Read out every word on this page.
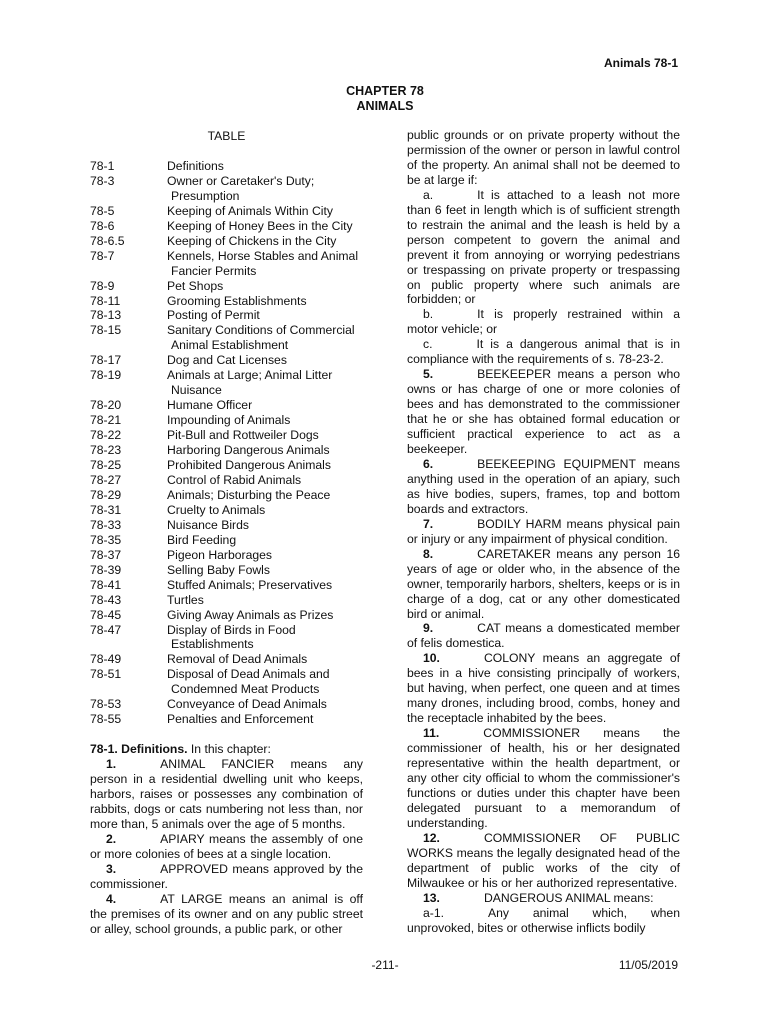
Animals 78-1
CHAPTER 78
ANIMALS
TABLE
78-1	Definitions
78-3	Owner or Caretaker's Duty;
Presumption
78-5	Keeping of Animals Within City
78-6	Keeping of Honey Bees in the City
78-6.5	Keeping of Chickens in the City
78-7	Kennels, Horse Stables and Animal
Fancier Permits
78-9	Pet Shops
78-11	Grooming Establishments
78-13	Posting of Permit
78-15	Sanitary Conditions of Commercial
Animal Establishment
78-17	Dog and Cat Licenses
78-19	Animals at Large; Animal Litter
Nuisance
78-20	Humane Officer
78-21	Impounding of Animals
78-22	Pit-Bull and Rottweiler Dogs
78-23	Harboring Dangerous Animals
78-25	Prohibited Dangerous Animals
78-27	Control of Rabid Animals
78-29	Animals; Disturbing the Peace
78-31	Cruelty to Animals
78-33	Nuisance Birds
78-35	Bird Feeding
78-37	Pigeon Harborages
78-39	Selling Baby Fowls
78-41	Stuffed Animals; Preservatives
78-43	Turtles
78-45	Giving Away Animals as Prizes
78-47	Display of Birds in Food
Establishments
78-49	Removal of Dead Animals
78-51	Disposal of Dead Animals and
Condemned Meat Products
78-53	Conveyance of Dead Animals
78-55	Penalties and Enforcement
78-1. Definitions. In this chapter:
1.	ANIMAL FANCIER means any person in a residential dwelling unit who keeps, harbors, raises or possesses any combination of rabbits, dogs or cats numbering not less than, nor more than, 5 animals over the age of 5 months.
2.	APIARY means the assembly of one or more colonies of bees at a single location.
3.	APPROVED means approved by the commissioner.
4.	AT LARGE means an animal is off the premises of its owner and on any public street or alley, school grounds, a public park, or other
public grounds or on private property without the permission of the owner or person in lawful control of the property. An animal shall not be deemed to be at large if:
a.	It is attached to a leash not more than 6 feet in length which is of sufficient strength to restrain the animal and the leash is held by a person competent to govern the animal and prevent it from annoying or worrying pedestrians or trespassing on private property or trespassing on public property where such animals are forbidden; or
b.	It is properly restrained within a motor vehicle; or
c.	It is a dangerous animal that is in compliance with the requirements of s. 78-23-2.
5.	BEEKEEPER means a person who owns or has charge of one or more colonies of bees and has demonstrated to the commissioner that he or she has obtained formal education or sufficient practical experience to act as a beekeeper.
6.	BEEKEEPING EQUIPMENT means anything used in the operation of an apiary, such as hive bodies, supers, frames, top and bottom boards and extractors.
7.	BODILY HARM means physical pain or injury or any impairment of physical condition.
8.	CARETAKER means any person 16 years of age or older who, in the absence of the owner, temporarily harbors, shelters, keeps or is in charge of a dog, cat or any other domesticated bird or animal.
9.	CAT means a domesticated member of felis domestica.
10.	COLONY means an aggregate of bees in a hive consisting principally of workers, but having, when perfect, one queen and at times many drones, including brood, combs, honey and the receptacle inhabited by the bees.
11.	COMMISSIONER means the commissioner of health, his or her designated representative within the health department, or any other city official to whom the commissioner's functions or duties under this chapter have been delegated pursuant to a memorandum of understanding.
12.	COMMISSIONER OF PUBLIC WORKS means the legally designated head of the department of public works of the city of Milwaukee or his or her authorized representative.
13.	DANGEROUS ANIMAL means:
a-1.	Any animal which, when unprovoked, bites or otherwise inflicts bodily
-211-	11/05/2019
